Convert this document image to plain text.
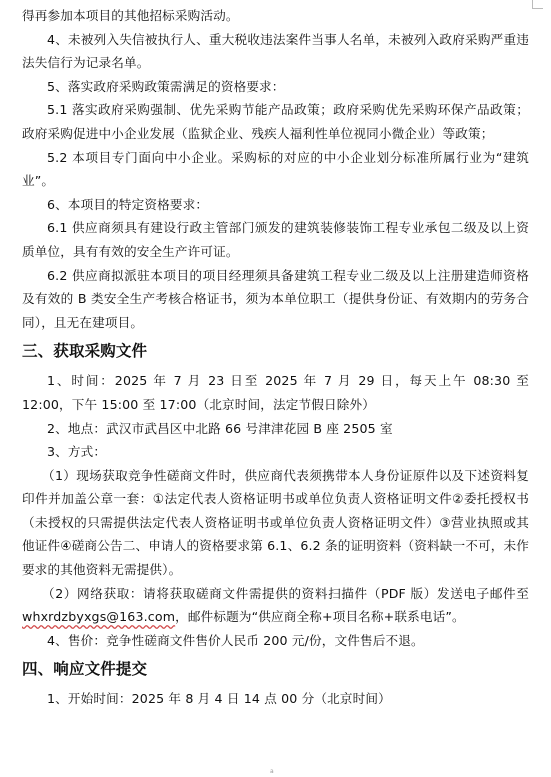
得再参加本项目的其他招标采购活动。

4、未被列入失信被执行人、重大税收违法案件当事人名单，未被列入政府采购严重违法失信行为记录名单。

5、落实政府采购政策需满足的资格要求：

5.1 落实政府采购强制、优先采购节能产品政策；政府采购优先采购环保产品政策；政府采购促进中小企业发展（监狱企业、残疾人福利性单位视同小微企业）等政策；

5.2 本项目专门面向中小企业。采购标的对应的中小企业划分标准所属行业为“建筑业”。

6、本项目的特定资格要求：

6.1 供应商须具有建设行政主管部门颁发的建筑装修装饰工程专业承包二级及以上资质单位，具有有效的安全生产许可证。

6.2 供应商拟派驻本项目的项目经理须具备建筑工程专业二级及以上注册建造师资格及有效的 B 类安全生产考核合格证书，须为本单位职工（提供身份证、有效期内的劳务合同），且无在建项目。

三、获取采购文件

1、时间：2025 年 7 月 23 日至 2025 年 7 月 29 日，每天上午 08:30 至 12:00，下午 15:00 至 17:00（北京时间，法定节假日除外）

2、地点：武汉市武昌区中北路 66 号津津花园 B 座 2505 室

3、方式：

（1）现场获取竞争性磋商文件时，供应商代表须携带本人身份证原件以及下述资料复印件并加盖公章一套：①法定代表人资格证明书或单位负责人资格证明文件②委托授权书（未授权的只需提供法定代表人资格证明书或单位负责人资格证明文件）③营业执照或其他证件④磋商公告二、申请人的资格要求第 6.1、6.2 条的证明资料（资料缺一不可，未作要求的其他资料无需提供）。

（2）网络获取：请将获取磋商文件需提供的资料扫描件（PDF 版）发送电子邮件至whxrdzbyxgs@163.com，邮件标题为“供应商全称+项目名称+联系电话”。

4、售价：竞争性磋商文件售价人民币 200 元/份，文件售后不退。

四、响应文件提交

1、开始时间：2025 年 8 月 4 日 14 点 00 分（北京时间）

a
